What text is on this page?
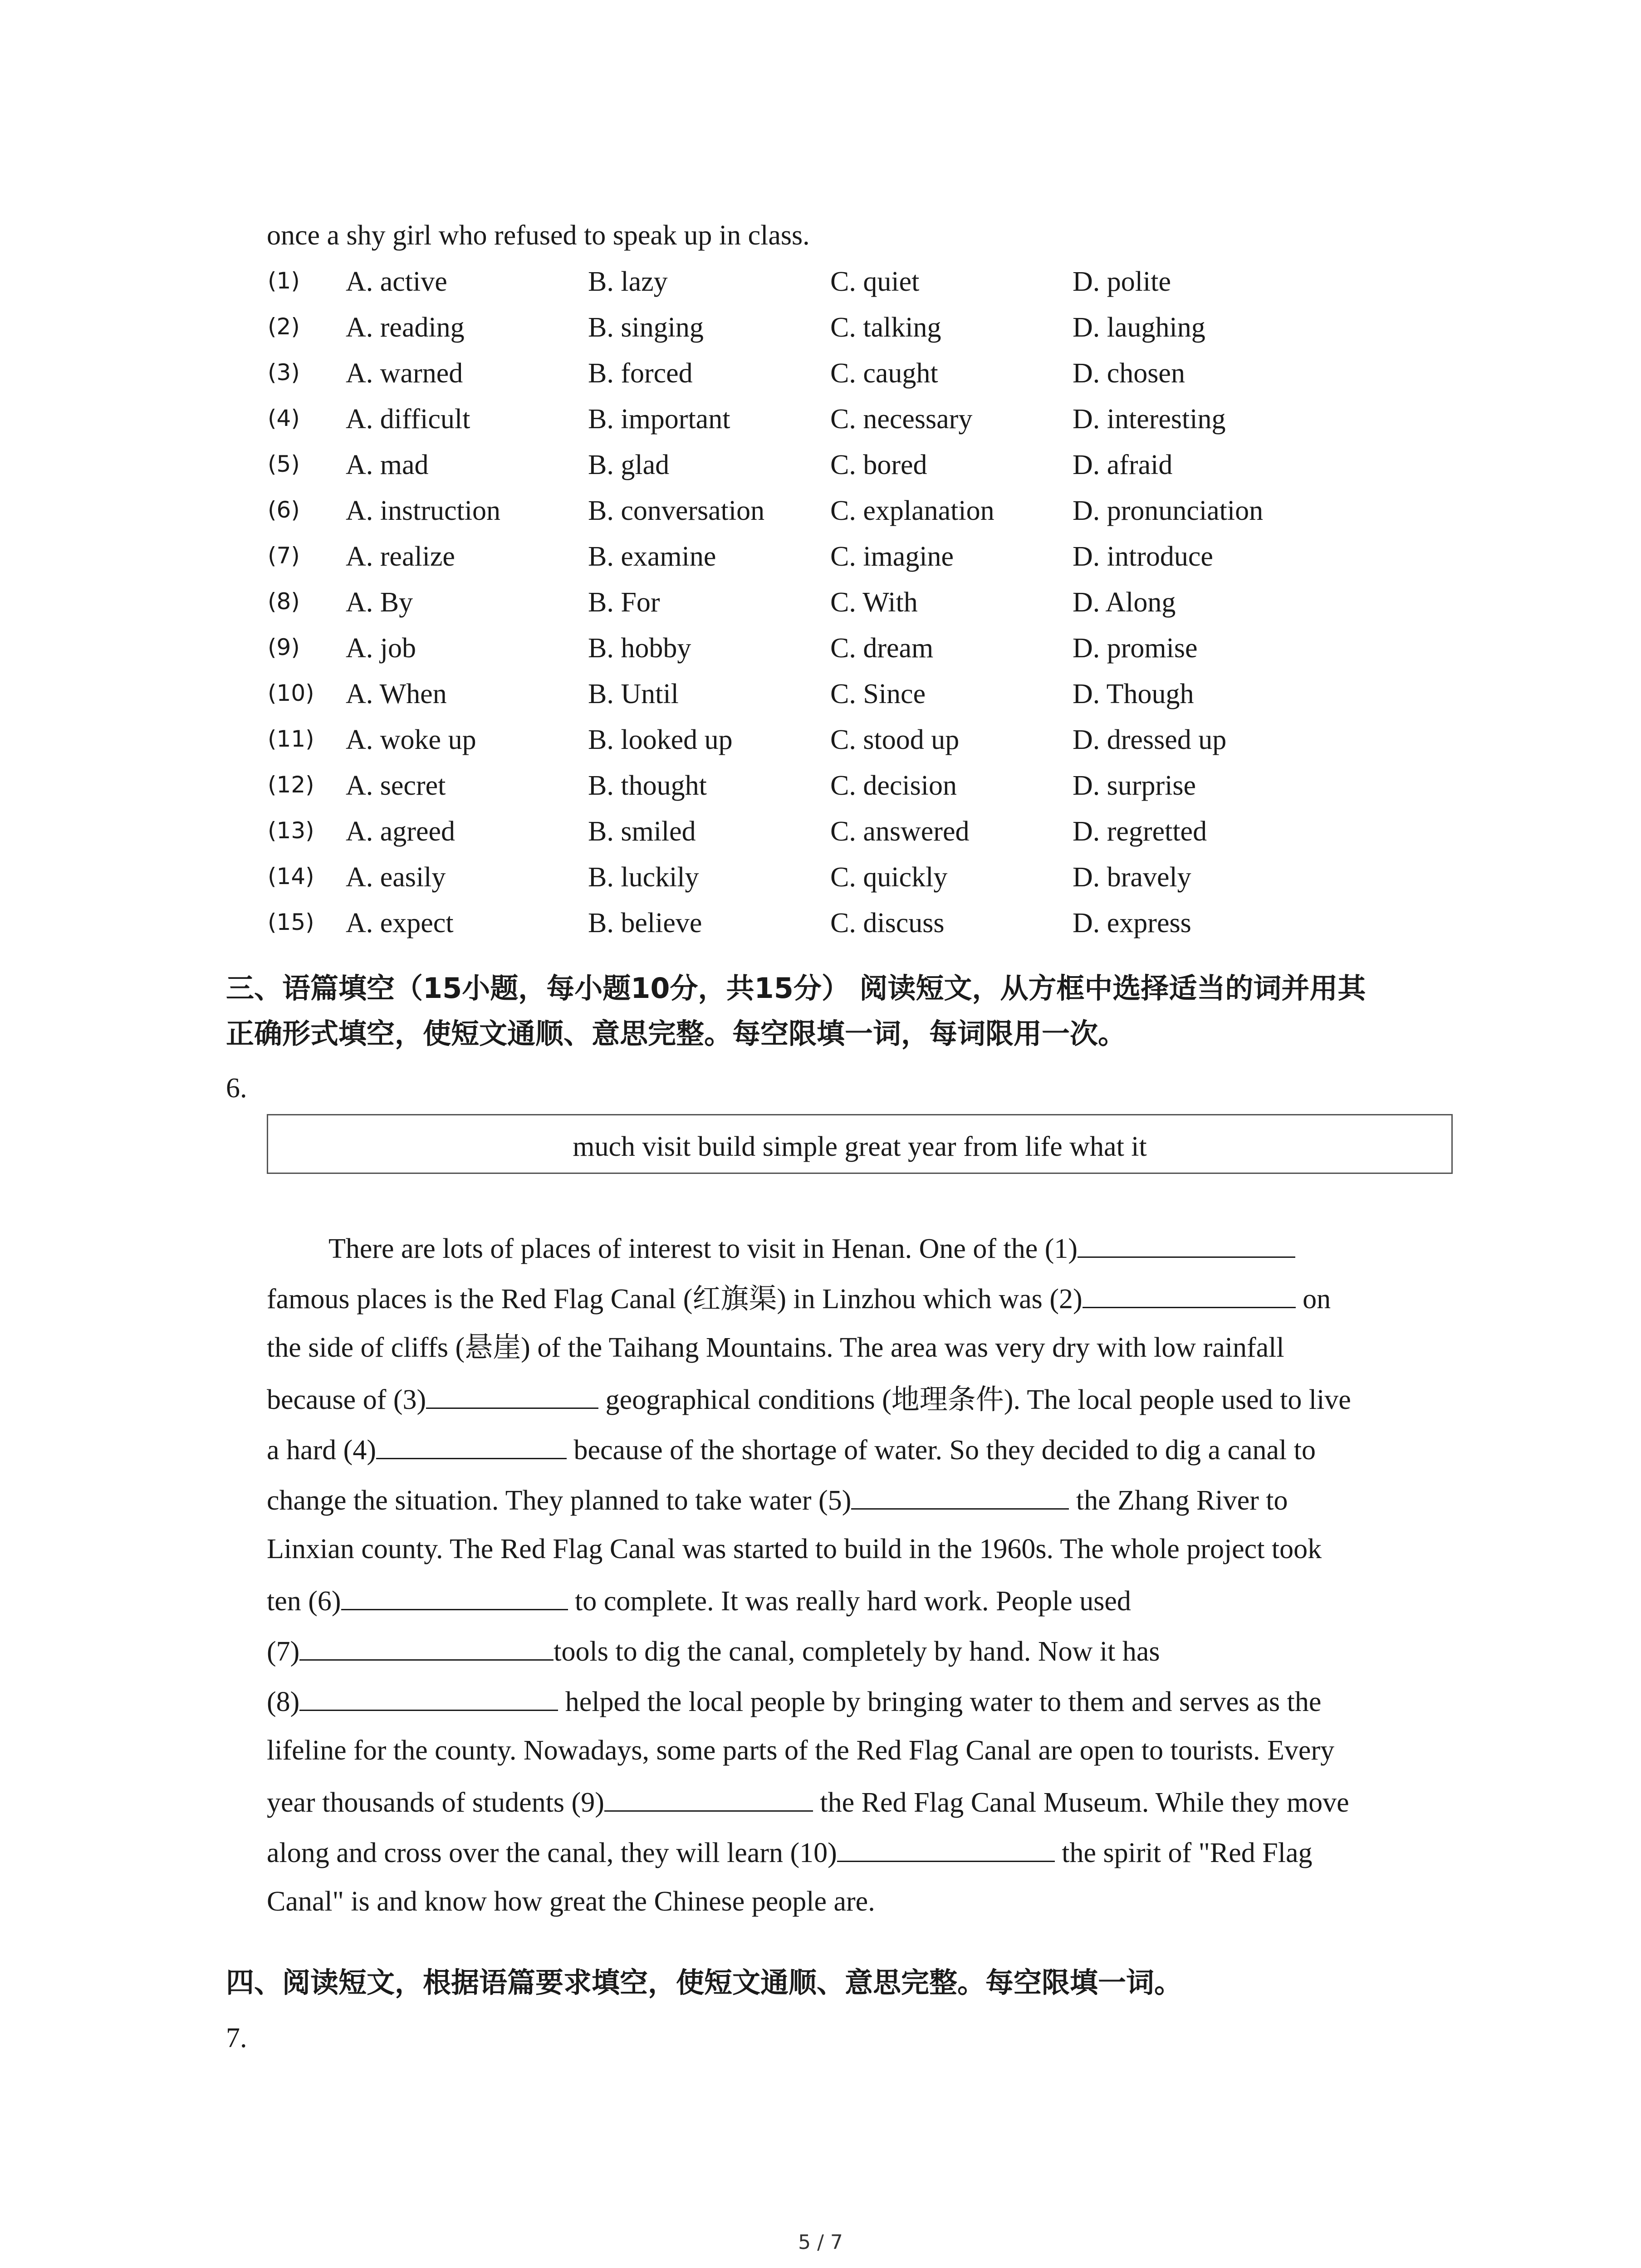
once a shy girl who refused to speak up in class.
(1) A. active	B. lazy	C. quiet	D. polite
(2) A. reading	B. singing	C. talking	D. laughing
(3) A. warned	B. forced	C. caught	D. chosen
(4) A. difficult	B. important	C. necessary	D. interesting
(5) A. mad	B. glad	C. bored	D. afraid
(6) A. instruction	B. conversation C. explanation	D. pronunciation
(7) A. realize	B. examine	C. imagine	D. introduce
(8) A. By	B. For	C. With	D. Along
(9) A. job	B. hobby	C. dream	D. promise
(10) A. When	B. Until	C. Since	D. Though
(11) A. woke up	B. looked up	C. stood up	D. dressed up
(12) A. secret	B. thought	C. decision	D. surprise
(13) A. agreed	B. smiled	C. answered	D. regretted
(14) A. easily	B. luckily	C. quickly	D. bravely
(15) A. expect	B. believe	C. discuss	D. express
三、语篇填空（15小题，每小题10分，共15分） 阅读短文，从方框中选择适当的词并用其
正确形式填空，使短文通顺、意思完整。每空限填一词，每词限用一次。
6.
much visit build simple great year from life what it
There are lots of places of interest to visit in Henan. One of the (1)
famous places is the Red Flag Canal (红旗渠) in Linzhou which was (2)	on
the side of cliffs (悬崖) of the Taihang Mountains. The area was very dry with low rainfall
because of (3)	geographical conditions (地理条件). The local people used to live
a hard (4)	because of the shortage of water. So they decided to dig a canal to
change the situation. They planned to take water (5)	the Zhang River to
Linxian county. The Red Flag Canal was started to build in the 1960s. The whole project took
ten (6)	to complete. It was really hard work. People used
(7)	tools to dig the canal, completely by hand. Now it has
(8)	helped the local people by bringing water to them and serves as the
lifeline for the county. Nowadays, some parts of the Red Flag Canal are open to tourists. Every
year thousands of students (9)	the Red Flag Canal Museum. While they move
along and cross over the canal, they will learn (10)	the spirit of "Red Flag
Canal" is and know how great the Chinese people are.
四、阅读短文，根据语篇要求填空，使短文通顺、意思完整。每空限填一词。
7.
5 / 7
